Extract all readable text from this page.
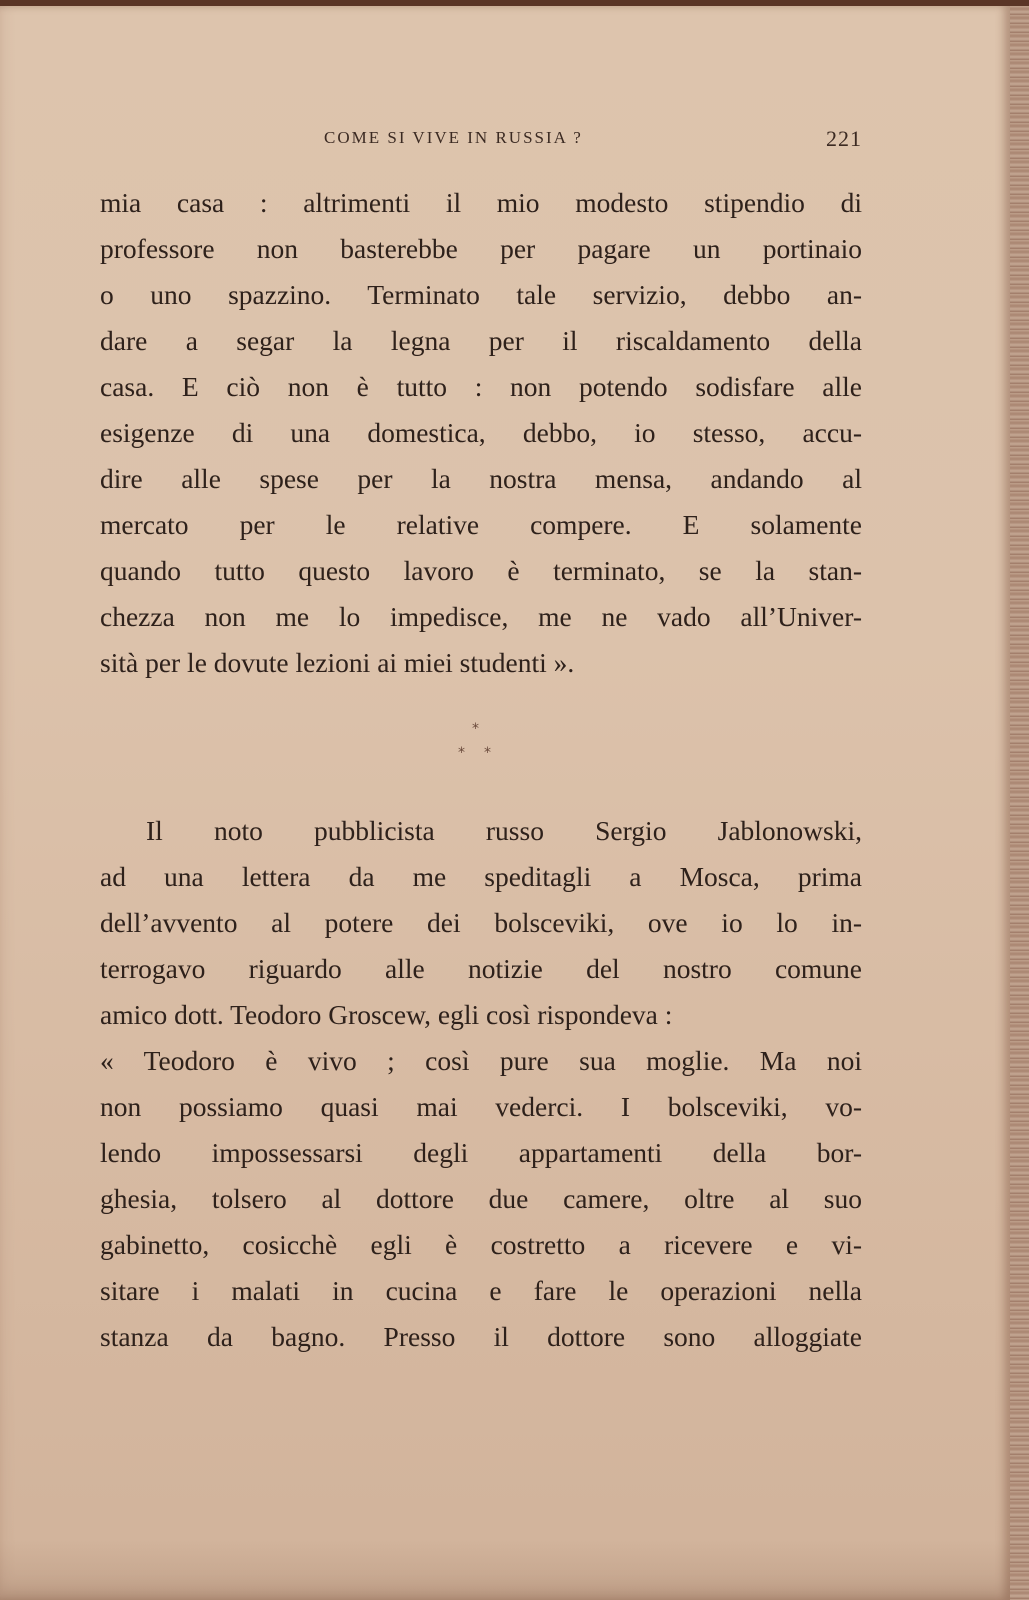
COME SI VIVE IN RUSSIA ?	221
mia casa : altrimenti il mio modesto stipendio di
professore non basterebbe per pagare un portinaio
o uno spazzino. Terminato tale servizio, debbo an-
dare a segar la legna per il riscaldamento della
casa. E ciò non è tutto : non potendo sodisfare alle
esigenze di una domestica, debbo, io stesso, accu-
dire alle spese per la nostra mensa, andando al
mercato per le relative compere. E solamente
quando tutto questo lavoro è terminato, se la stan-
chezza non me lo impedisce, me ne vado all’Univer-
sità per le dovute lezioni ai miei studenti ».
*
* *
Il noto pubblicista russo Sergio Jablonowski,
ad una lettera da me speditagli a Mosca, prima
dell’avvento al potere dei bolsceviki, ove io lo in-
terrogavo riguardo alle notizie del nostro comune
amico dott. Teodoro Groscew, egli così rispondeva :
« Teodoro è vivo ; così pure sua moglie. Ma noi
non possiamo quasi mai vederci. I bolsceviki, vo-
lendo impossessarsi degli appartamenti della bor-
ghesia, tolsero al dottore due camere, oltre al suo
gabinetto, cosicchè egli è costretto a ricevere e vi-
sitare i malati in cucina e fare le operazioni nella
stanza da bagno. Presso il dottore sono alloggiate
